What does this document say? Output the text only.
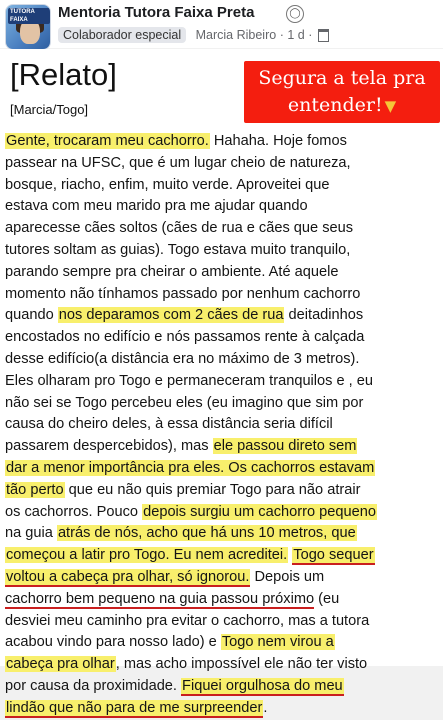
TUTORA FAIXA	Mentoria Tutora Faixa Preta	◯
Colaborador especial Marcia Ribeiro · 1 d ·
[Relato]
[Marcia/Togo]
Segura a tela pra
entender! ▼
Gente, trocaram meu cachorro. Hahaha. Hoje fomos
passear na UFSC, que é um lugar cheio de natureza,
bosque, riacho, enfim, muito verde. Aproveitei que
estava com meu marido pra me ajudar quando
aparecesse cães soltos (cães de rua e cães que seus
tutores soltam as guias). Togo estava muito tranquilo,
parando sempre pra cheirar o ambiente. Até aquele
momento não tínhamos passado por nenhum cachorro
quando nos deparamos com 2 cães de rua deitadinhos
encostados no edifício e nós passamos rente à calçada
desse edifício(a distância era no máximo de 3 metros).
Eles olharam pro Togo e permaneceram tranquilos e , eu
não sei se Togo percebeu eles (eu imagino que sim por
causa do cheiro deles, à essa distância seria difícil
passarem despercebidos), mas ele passou direto sem
dar a menor importância pra eles. Os cachorros estavam
tão perto que eu não quis premiar Togo para não atrair
os cachorros. Pouco depois surgiu um cachorro pequeno
na guia atrás de nós, acho que há uns 10 metros, que
começou a latir pro Togo. Eu nem acreditei. Togo sequer
voltou a cabeça pra olhar, só ignorou. Depois um
cachorro bem pequeno na guia passou próximo (eu
desviei meu caminho pra evitar o cachorro, mas a tutora
acabou vindo para nosso lado) e Togo nem virou a
cabeça pra olhar, mas acho impossível ele não ter visto
por causa da proximidade. Fiquei orgulhosa do meu
lindão que não para de me surpreender.
